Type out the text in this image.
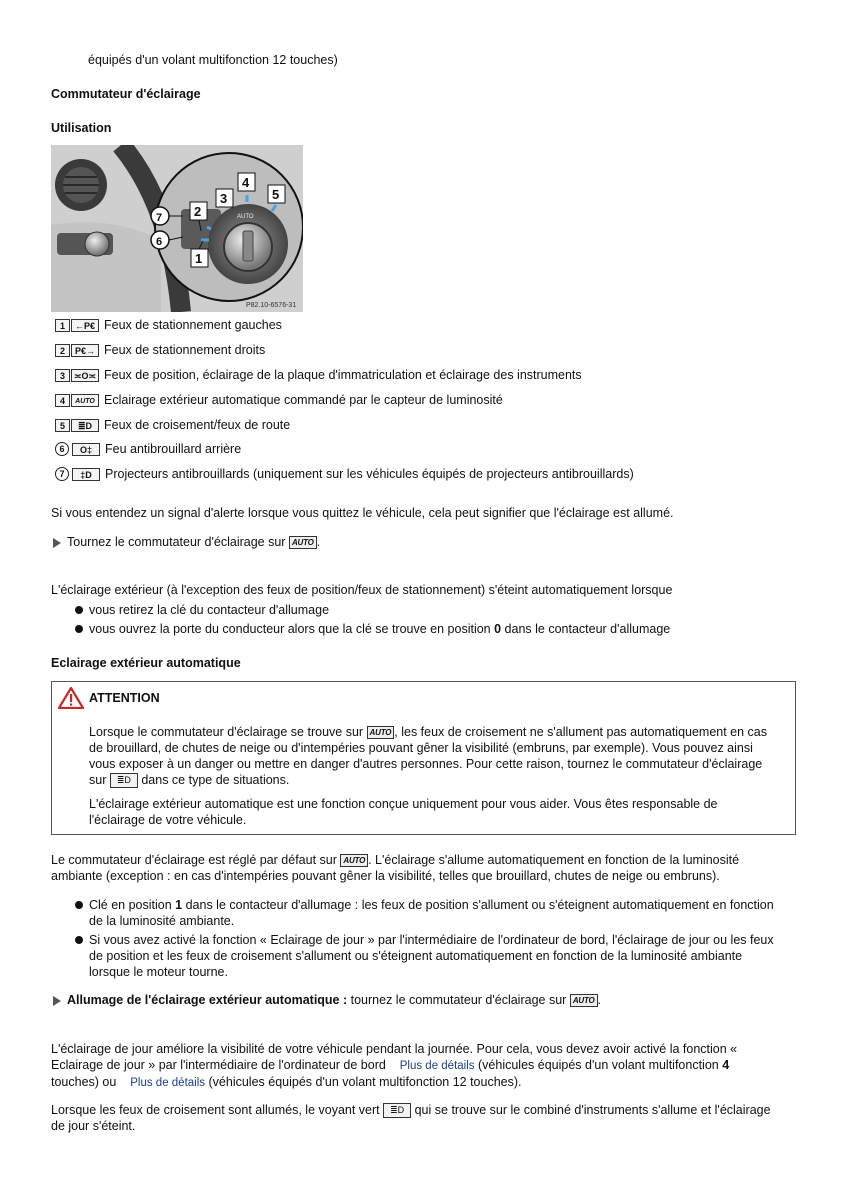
équipés d'un volant multifonction 12 touches)
Commutateur d'éclairage
Utilisation
AUTO
2
3
4
5
1
7
6
P82.10-6576-31
1	←P€ Feux de stationnement gauches
2	P€→ Feux de stationnement droits
3 ≍O≍ Feux de position, éclairage de la plaque d'immatriculation et éclairage des instruments
4	AUTO Eclairage extérieur automatique commandé par le capteur de luminosité
5	≣D Feux de croisement/feux de route
6	O‡	Feu antibrouillard arrière
7	‡D	Projecteurs antibrouillards (uniquement sur les véhicules équipés de projecteurs antibrouillards)
Si vous entendez un signal d'alerte lorsque vous quittez le véhicule, cela peut signifier que l'éclairage est allumé.
Tournez le commutateur d'éclairage sur AUTO .
L'éclairage extérieur (à l'exception des feux de position/feux de stationnement) s'éteint automatiquement lorsque
vous retirez la clé du contacteur d'allumage
vous ouvrez la porte du conducteur alors que la clé se trouve en position 0 dans le contacteur d'allumage
Eclairage extérieur automatique
ATTENTION
Lorsque le commutateur d'éclairage se trouve sur AUTO , les feux de croisement ne s'allument pas automatiquement en cas
de brouillard, de chutes de neige ou d'intempéries pouvant gêner la visibilité (embruns, par exemple). Vous pouvez ainsi
vous exposer à un danger ou mettre en danger d'autres personnes. Pour cette raison, tournez le commutateur d'éclairage
sur ≣D dans ce type de situations.
L'éclairage extérieur automatique est une fonction conçue uniquement pour vous aider. Vous êtes responsable de l'éclairage de votre véhicule.
Le commutateur d'éclairage est réglé par défaut sur AUTO . L'éclairage s'allume automatiquement en fonction de la luminosité
ambiante (exception : en cas d'intempéries pouvant gêner la visibilité, telles que brouillard, chutes de neige ou embruns).
Clé en position 1 dans le contacteur d'allumage : les feux de position s'allument ou s'éteignent automatiquement en fonction
de la luminosité ambiante.
Si vous avez activé la fonction « Eclairage de jour » par l'intermédiaire de l'ordinateur de bord, l'éclairage de jour ou les feux
de position et les feux de croisement s'allument ou s'éteignent automatiquement en fonction de la luminosité ambiante
lorsque le moteur tourne.
Allumage de l'éclairage extérieur automatique : tournez le commutateur d'éclairage sur AUTO .
L'éclairage de jour améliore la visibilité de votre véhicule pendant la journée. Pour cela, vous devez avoir activé la fonction «
Eclairage de jour » par l'intermédiaire de l'ordinateur de bord Plus de détails (véhicules équipés d'un volant multifonction 4
touches) ou Plus de détails (véhicules équipés d'un volant multifonction 12 touches).
Lorsque les feux de croisement sont allumés, le voyant vert ≣D qui se trouve sur le combiné d'instruments s'allume et l'éclairage
de jour s'éteint.
